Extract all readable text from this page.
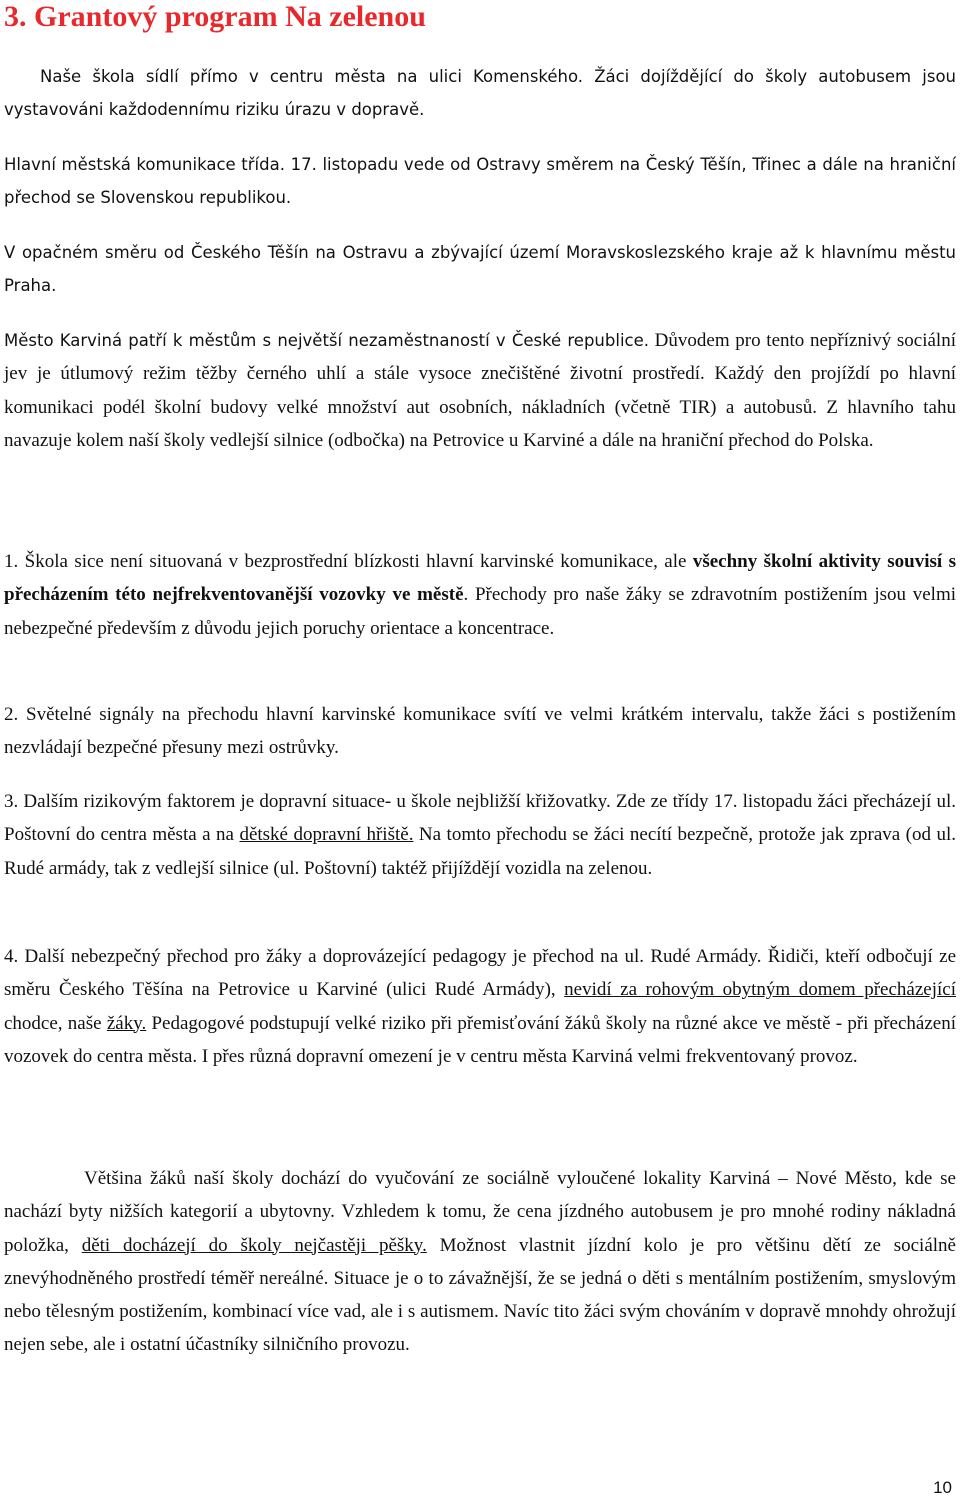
3. Grantový program Na zelenou

Naše škola sídlí přímo v centru města na ulici Komenského. Žáci dojíždějící do školy autobusem jsou vystavováni každodennímu riziku úrazu v dopravě.

Hlavní městská komunikace třída. 17. listopadu vede od Ostravy směrem na Český Těšín, Třinec a dále na hraniční přechod se Slovenskou republikou.

V opačném směru od Českého Těšín na Ostravu a zbývající území Moravskoslezského kraje až k hlavnímu městu Praha.

Město Karviná patří k městům s největší nezaměstnaností v České republice. Důvodem pro tento nepříznivý sociální jev je útlumový režim těžby černého uhlí a stále vysoce znečištěné životní prostředí. Každý den projíždí po hlavní komunikaci podél školní budovy velké množství aut osobních, nákladních (včetně TIR) a autobusů. Z hlavního tahu navazuje kolem naší školy vedlejší silnice (odbočka) na Petrovice u Karviné a dále na hraniční přechod do Polska.

1. Škola sice není situovaná v bezprostřední blízkosti hlavní karvinské komunikace, ale všechny školní aktivity souvisí s přecházením této nejfrekventovanější vozovky ve městě. Přechody pro naše žáky se zdravotním postižením jsou velmi nebezpečné především z důvodu jejich poruchy orientace a koncentrace.

2. Světelné signály na přechodu hlavní karvinské komunikace svítí ve velmi krátkém intervalu, takže žáci s postižením nezvládají bezpečné přesuny mezi ostrůvky.

3. Dalším rizikovým faktorem je dopravní situace- u škole nejbližší křižovatky. Zde ze třídy 17. listopadu žáci přecházejí ul. Poštovní do centra města a na dětské dopravní hřiště. Na tomto přechodu se žáci necítí bezpečně, protože jak zprava (od ul. Rudé armády, tak z vedlejší silnice (ul. Poštovní) taktéž přijíždějí vozidla na zelenou.

4. Další nebezpečný přechod pro žáky a doprovázející pedagogy je přechod na ul. Rudé Armády. Řidiči, kteří odbočují ze směru Českého Těšína na Petrovice u Karviné (ulici Rudé Armády), nevidí za rohovým obytným domem přecházející chodce, naše žáky. Pedagogové podstupují velké riziko při přemisťování žáků školy na různé akce ve městě - při přecházení vozovek do centra města. I přes různá dopravní omezení je v centru města Karviná velmi frekventovaný provoz.

Většina žáků naší školy dochází do vyučování ze sociálně vyloučené lokality Karviná – Nové Město, kde se nachází byty nižších kategorií a ubytovny. Vzhledem k tomu, že cena jízdného autobusem je pro mnohé rodiny nákladná položka, děti docházejí do školy nejčastěji pěšky. Možnost vlastnit jízdní kolo je pro většinu dětí ze sociálně znevýhodněného prostředí téměř nereálné. Situace je o to závažnější, že se jedná o děti s mentálním postižením, smyslovým nebo tělesným postižením, kombinací více vad, ale i s autismem. Navíc tito žáci svým chováním v dopravě mnohdy ohrožují nejen sebe, ale i ostatní účastníky silničního provozu.

10
